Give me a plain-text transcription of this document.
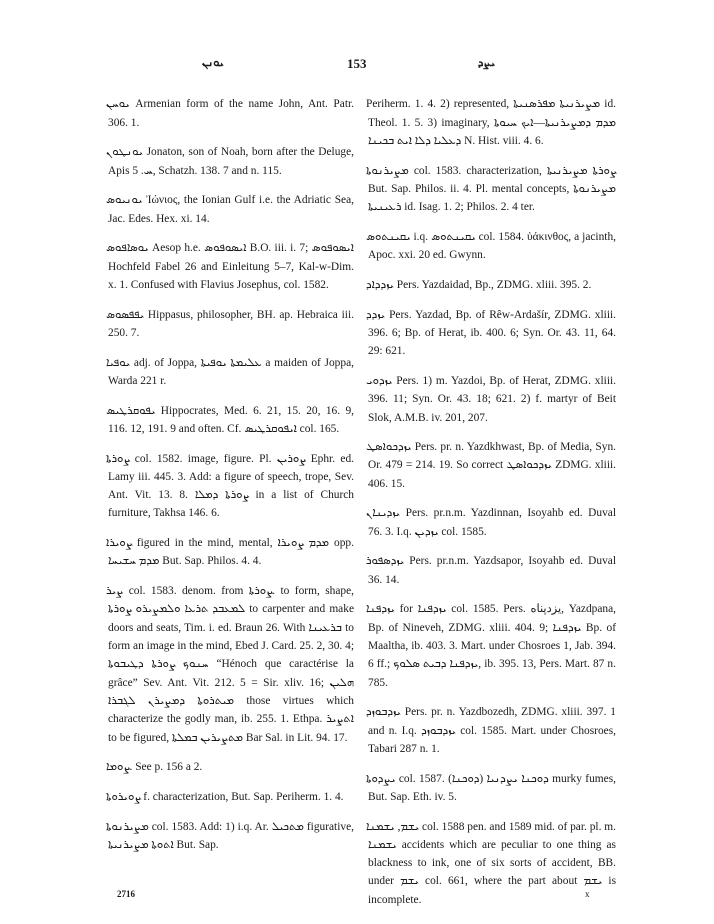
ܝܘܢܢ	153	ܝܨܕ

ܝܘܚܢ Armenian form of the name John, Ant. Patr. 306. 1.

ܝܘܢܛܘܢ Jonaton, son of Noah, born after the Deluge, Apis ܚ. 5, Schatzh. 138. 7 and n. 115.

ܝܘܢܝܘܣ Ἰώνιος, the Ionian Gulf i.e. the Adriatic Sea, Jac. Edes. Hex. xi. 14.

ܝܘܣܐܦܘܣ Aesop h.e. ܐܝܣܘܦܘܣ B.O. iii. i. 7; ܐܝܣܘܦܘܣ Hochfeld Fabel 26 and Einleitung 5–7, Kal-w-Dim. x. 1. Confused with Flavius Josephus, col. 1582.

ܝܦܦܣܘܣ Hippasus, philosopher, BH. ap. Hebraica iii. 250. 7.

ܝܘܦܝܐ adj. of Joppa, ܥܠܝܡܬܐ ܝܘܦܝܬܐ a maiden of Joppa, Warda 221 r.

ܝܦܘܩܪܛܝܣ Hippocrates, Med. 6. 21, 15. 20, 16. 9, 116. 12, 191. 9 and often. Cf. ܐܝܦܘܩܪܛܝܣ col. 165.

ܨܘܪܬܐ col. 1582. image, figure. Pl. ܨܘܪܝܢ Ephr. ed. Lamy iii. 445. 3. Add: a figure of speech, trope, Sev. Ant. Vit. 13. 8. ܨܘܪܬܐ ܕܡܠܐ in a list of Church furniture, Takhsa 146. 6.

ܨܘܝܪܐ figured in the mind, mental, ܡܕܡ ܨܘܝܪܐ opp. ܡܕܡ ܚܫܝܚܐ But. Sap. Philos. 4. 4.

ܨܝܪ col. 1583. denom. from ܨܘܪܬܐ. to form, shape, ܠܡܥܒܕ ܬܪܥܐ ܘܠܡܨܝܪܘ ܨܘܪܬܐ to carpenter and make doors and seats, Tim. i. ed. Braun 26. With ܒܪܥܝܢܐ to form an image in the mind, Ebed J. Card. 25. 2, 30. 4; ܚܢܘܟ ܨܘܪܬܐ ܕܛܝܒܘܬܐ “Hénoch que caractérise la grâce” Sev. Ant. Vit. 212. 5 = Sir. xliv. 16; ܗܠܝܢ ܡܝܬܪܘܬܐ ܕܡܨܝܪܢ ܠܓܒܪܐ those virtues which characterize the godly man, ib. 255. 1. Ethpa. ܐܬܨܝܪ to be figured, ܡܬܨܝܪܝܢ ܒܡܠܬܐ Bar Sal. in Lit. 94. 17.

ܨܘܡܐ. See p. 156 a 2.

ܨܘܝܪܘܬܐ f. characterization, But. Sap. Periherm. 1. 4.

ܡܨܝܪܢܘܬܐ col. 1583. Add: 1) i.q. Ar. ܡܬܟܝܠ figurative, ܐܬܘܬܐ ܡܨܝܪܢܝܬܐ But. Sap.

Periherm. 1. 4. 2) represented, ܡܨܝܪܢܝܬܐ ܡܦܪܣܢܝܬܐ id. Theol. 1. 5. 3) imaginary, ܡܕܡ ܕܡܨܝܪܢܝܬܐ—ܐܝܟ ܚܝܘܬܐ ܕܥܠܝܐ ܕܠܐ ܐܝܬ ܒܟܝܢܐ N. Hist. viii. 4. 6.

ܡܨܝܪܢܘܬܐ col. 1583. characterization, ܨܘܪܬܐ ܡܨܝܪܢܝܬܐ But. Sap. Philos. ii. 4. Pl. mental concepts, ܡܨܝܪܢܘܬܐ ܪܥܝܢܝܬܐ id. Isag. 1. 2; Philos. 2. 4 ter.

ܝܩܝܢܬܘܣ i.q. ܝܩܝܢܬܘܣ col. 1584. ὑάκινθος, a jacinth, Apoc. xxi. 20 ed. Gwynn.

ܝܙܕܕܐܕ Pers. Yazdaidad, Bp., ZDMG. xliii. 395. 2.

ܝܙܕܕ Pers. Yazdad, Bp. of Rêw-Ardašír, ZDMG. xliii. 396. 6; Bp. of Herat, ib. 400. 6; Syn. Or. 43. 11, 64. 29: 621.

ܝܙܕܘܝ Pers. 1) m. Yazdoi, Bp. of Herat, ZDMG. xliii. 396. 11; Syn. Or. 43. 18; 621. 2) f. martyr of Beit Slok, A.M.B. iv. 201, 207.

ܝܙܕܟܘܐܣܛ Pers. pr. n. Yazdkhwast, Bp. of Media, Syn. Or. 479 = 214. 19. So correct ܝܙܕܟܘܐܣܛ ZDMG. xliii. 406. 15.

ܝܙܕܝܢܐܢ Pers. pr.n.m. Yazdinnan, Isoyahb ed. Duval 76. 3. I.q. ܝܙܕܝܢ col. 1585.

ܝܙܕܣܦܘܪ Pers. pr.n.m. Yazdsapor, Isoyahb ed. Duval 36. 14.

ܝܙܕܦܢܐ for ܝܙܕܦܢܐ col. 1585. Pers. یزدپناه, Yazdpana, Bp. of Nineveh, ZDMG. xliii. 404. 9; ܝܙܕܦܢܐ Bp. of Maaltha, ib. 403. 3. Mart. under Chosroes 1, Jab. 394. 6 ff.; ܝܙܕܦܢܐ ܕܒܝܬ ܣܠܘܟ, ib. 395. 13, Pers. Mart. 87 n. 785.

ܝܙܕܒܘܙܕ Pers. pr. n. Yazdbozedh, ZDMG. xliii. 397. 1 and n. I.q. ܝܙܕܒܘܙܕ col. 1585. Mart. under Chosroes, Tabari 287 n. 1.

ܝܨܕܘܬܐ col. 1587. ܕܘܟܢܐ ܝܨܕܢܝܐ (ܕܘܟܢܐ) murky fumes, But. Sap. Eth. iv. 5.

ܝܫܡ, ܝܫܡܢܐ col. 1588 pen. and 1589 mid. of par. pl. m. ܝܫܡܢܐ accidents which are peculiar to one thing as blackness to ink, one of six sorts of accident, BB. under ܝܫܡ col. 661, where the part about ܝܫܡ is incomplete.

2716	x
